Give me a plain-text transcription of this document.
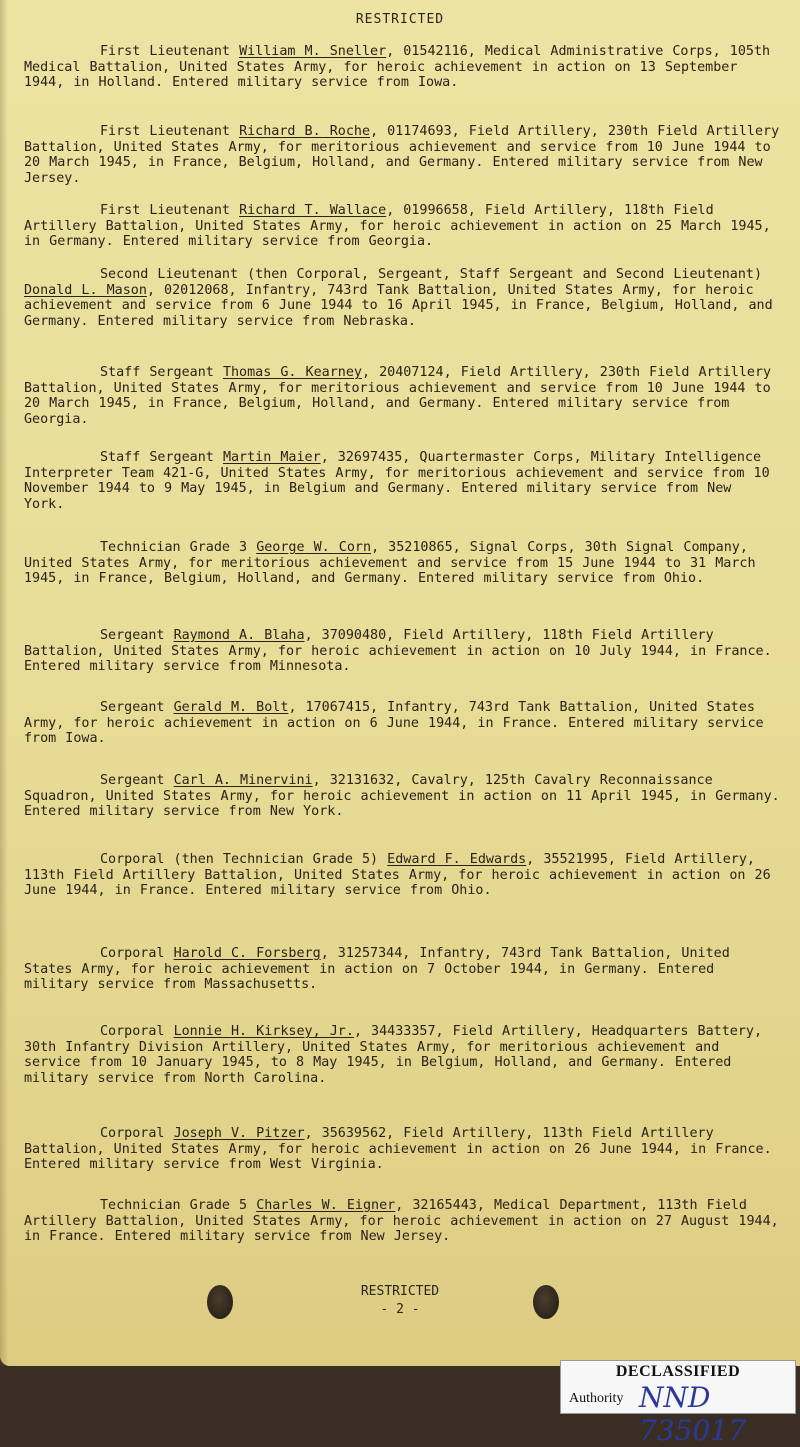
RESTRICTED
First Lieutenant William M. Sneller, 01542116, Medical Administrative Corps, 105th Medical Battalion, United States Army, for heroic achievement in action on 13 September 1944, in Holland. Entered military service from Iowa.
First Lieutenant Richard B. Roche, 01174693, Field Artillery, 230th Field Artillery Battalion, United States Army, for meritorious achievement and service from 10 June 1944 to 20 March 1945, in France, Belgium, Holland, and Germany. Entered military service from New Jersey.
First Lieutenant Richard T. Wallace, 01996658, Field Artillery, 118th Field Artillery Battalion, United States Army, for heroic achievement in action on 25 March 1945, in Germany. Entered military service from Georgia.
Second Lieutenant (then Corporal, Sergeant, Staff Sergeant and Second Lieutenant) Donald L. Mason, 02012068, Infantry, 743rd Tank Battalion, United States Army, for heroic achievement and service from 6 June 1944 to 16 April 1945, in France, Belgium, Holland, and Germany. Entered military service from Nebraska.
Staff Sergeant Thomas G. Kearney, 20407124, Field Artillery, 230th Field Artillery Battalion, United States Army, for meritorious achievement and service from 10 June 1944 to 20 March 1945, in France, Belgium, Holland, and Germany. Entered military service from Georgia.
Staff Sergeant Martin Maier, 32697435, Quartermaster Corps, Military Intelligence Interpreter Team 421-G, United States Army, for meritorious achievement and service from 10 November 1944 to 9 May 1945, in Belgium and Germany. Entered military service from New York.
Technician Grade 3 George W. Corn, 35210865, Signal Corps, 30th Signal Company, United States Army, for meritorious achievement and service from 15 June 1944 to 31 March 1945, in France, Belgium, Holland, and Germany. Entered military service from Ohio.
Sergeant Raymond A. Blaha, 37090480, Field Artillery, 118th Field Artillery Battalion, United States Army, for heroic achievement in action on 10 July 1944, in France. Entered military service from Minnesota.
Sergeant Gerald M. Bolt, 17067415, Infantry, 743rd Tank Battalion, United States Army, for heroic achievement in action on 6 June 1944, in France. Entered military service from Iowa.
Sergeant Carl A. Minervini, 32131632, Cavalry, 125th Cavalry Reconnaissance Squadron, United States Army, for heroic achievement in action on 11 April 1945, in Germany. Entered military service from New York.
Corporal (then Technician Grade 5) Edward F. Edwards, 35521995, Field Artillery, 113th Field Artillery Battalion, United States Army, for heroic achievement in action on 26 June 1944, in France. Entered military service from Ohio.
Corporal Harold C. Forsberg, 31257344, Infantry, 743rd Tank Battalion, United States Army, for heroic achievement in action on 7 October 1944, in Germany. Entered military service from Massachusetts.
Corporal Lonnie H. Kirksey, Jr., 34433357, Field Artillery, Headquarters Battery, 30th Infantry Division Artillery, United States Army, for meritorious achievement and service from 10 January 1945, to 8 May 1945, in Belgium, Holland, and Germany. Entered military service from North Carolina.
Corporal Joseph V. Pitzer, 35639562, Field Artillery, 113th Field Artillery Battalion, United States Army, for heroic achievement in action on 26 June 1944, in France. Entered military service from West Virginia.
Technician Grade 5 Charles W. Eigner, 32165443, Medical Department, 113th Field Artillery Battalion, United States Army, for heroic achievement in action on 27 August 1944, in France. Entered military service from New Jersey.
RESTRICTED
- 2 -
DECLASSIFIED
Authority NND 735017
